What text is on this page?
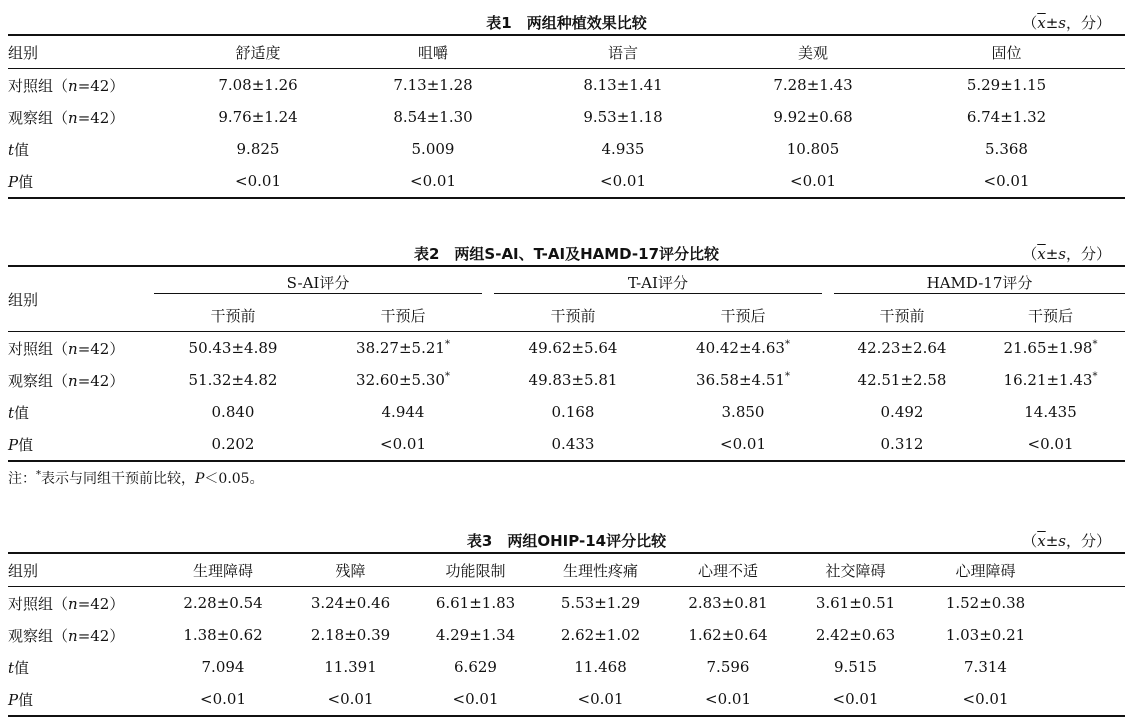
表1　两组种植效果比较	（$\overline{x}\pm s$，分）
组别	舒适度	咀嚼	语言	美观	固位
对照组（n=42）	7.08±1.26	7.13±1.28	8.13±1.41	7.28±1.43	5.29±1.15
观察组（n=42）	9.76±1.24	8.54±1.30	9.53±1.18	9.92±0.68	6.74±1.32
t值	9.825	5.009	4.935	10.805	5.368
P值	<0.01	<0.01	<0.01	<0.01	<0.01
表2　两组S-AI、T-AI及HAMD-17评分比较	（$\overline{x}\pm s$，分）
组别	S-AI评分		T-AI评分		HAMD-17评分	

	干预前	干预后	干预前	干预后	干预前	干预后
对照组（n=42）	50.43±4.89	38.27±5.21*	49.62±5.64	40.42±4.63*	42.23±2.64	21.65±1.98*
观察组（n=42）	51.32±4.82	32.60±5.30*	49.83±5.81	36.58±4.51*	42.51±2.58	16.21±1.43*
t值	0.840	4.944	0.168	3.850	0.492	14.435
P值	0.202	<0.01	0.433	<0.01	0.312	<0.01
注：*表示与同组干预前比较，P＜0.05。
表3　两组OHIP-14评分比较	（$\overline{x}\pm s$，分）
组别	生理障碍	残障	功能限制	生理性疼痛	心理不适	社交障碍	心理障碍	
对照组（n=42）	2.28±0.54	3.24±0.46	6.61±1.83	5.53±1.29	2.83±0.81	3.61±0.51	1.52±0.38	
观察组（n=42）	1.38±0.62	2.18±0.39	4.29±1.34	2.62±1.02	1.62±0.64	2.42±0.63	1.03±0.21	
t值	7.094	11.391	6.629	11.468	7.596	9.515	7.314	
P值	<0.01	<0.01	<0.01	<0.01	<0.01	<0.01	<0.01	
